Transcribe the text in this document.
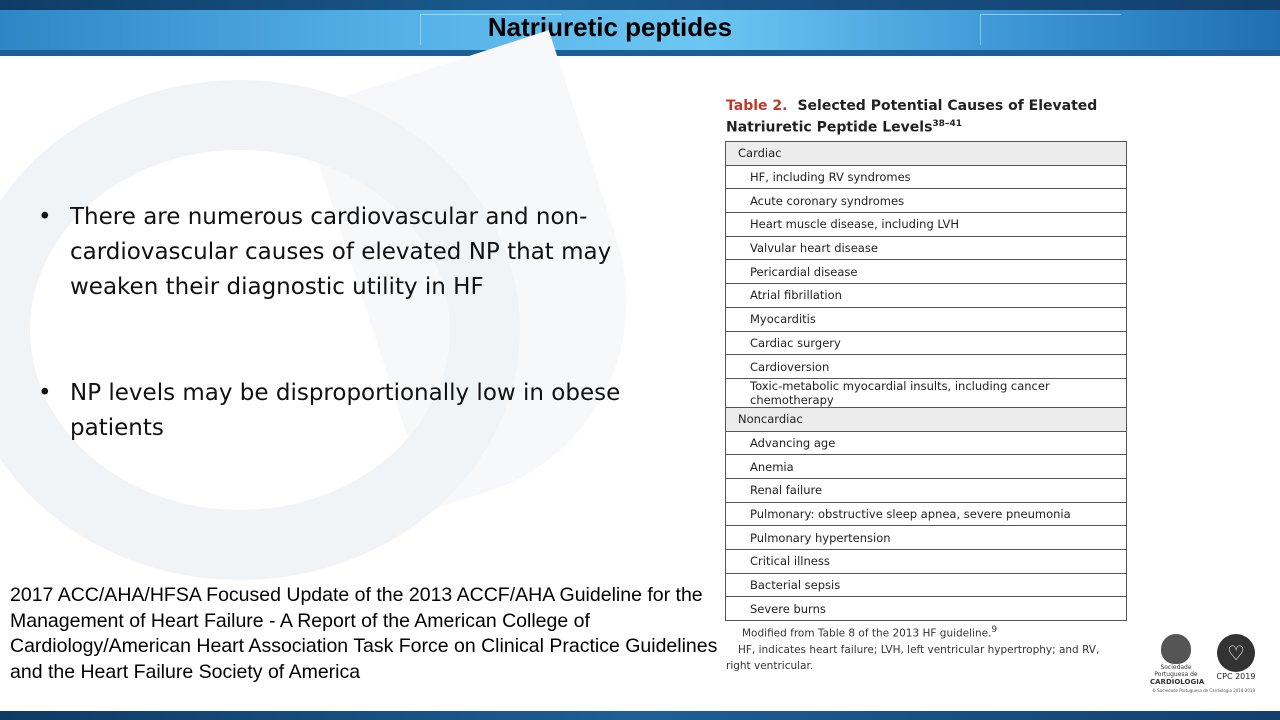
Natriuretic peptides
• There are numerous cardiovascular and non-cardiovascular causes of elevated NP that may weaken their diagnostic utility in HF
• NP levels may be disproportionally low in obese patients
2017 ACC/AHA/HFSA Focused Update of the 2013 ACCF/AHA Guideline for the Management of Heart Failure - A Report of the American College of Cardiology/American Heart Association Task Force on Clinical Practice Guidelines and the Heart Failure Society of America
Table 2. Selected Potential Causes of Elevated Natriuretic Peptide Levels$^{38-41}$
Cardiac
HF, including RV syndromes
Acute coronary syndromes
Heart muscle disease, including LVH
Valvular heart disease
Pericardial disease
Atrial fibrillation
Myocarditis
Cardiac surgery
Cardioversion
Toxic-metabolic myocardial insults, including cancer chemotherapy
Noncardiac
Advancing age
Anemia
Renal failure
Pulmonary: obstructive sleep apnea, severe pneumonia
Pulmonary hypertension
Critical illness
Bacterial sepsis
Severe burns
Modified from Table 8 of the 2013 HF guideline.$^9$
HF, indicates heart failure; LVH, left ventricular hypertrophy; and RV, right ventricular.	Sociedade Portuguesa de
CARDIOLOGIA
♡
CPC 2019
© Sociedade Portuguesa de Cardiologia 2018-2019
